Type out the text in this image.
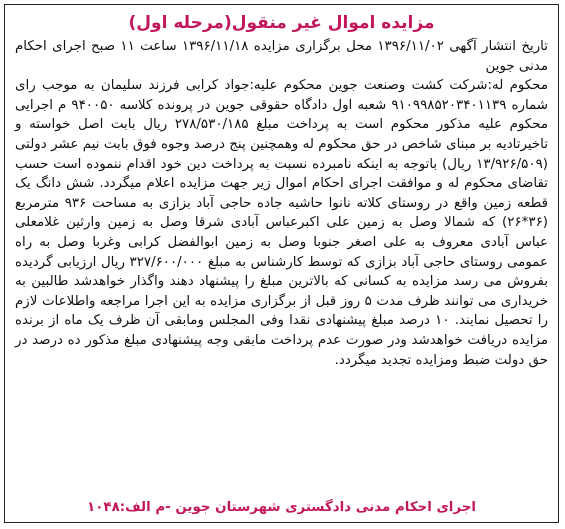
مزایده اموال غیر منقول(مرحله اول)

تاریخ انتشار آگهی ۱۳۹۶/۱۱/۰۲ محل برگزاری مزایده ۱۳۹۶/۱۱/۱۸ ساعت ۱۱ صبح اجرای احکام مدنی جوین

محکوم له:شرکت کشت وصنعت جوین محکوم علیه:جواد کرابی فرزند سلیمان به موجب رای شماره ۹۱۰۹۹۸۵۲۰۳۴۰۱۱۳۹ شعبه اول دادگاه حقوقی جوین در پرونده کلاسه ۹۴۰۰۵۰ م اجرایی محکوم علیه مذکور محکوم است به پرداخت مبلغ ۲۷۸/۵۳۰/۱۸۵ ریال بابت اصل خواسته و تاخیرتادیه بر مبنای شاخص در حق محکوم له وهمچنین پنج درصد وجوه فوق بابت نیم عشر دولتی (۱۳/۹۲۶/۵۰۹ ریال) باتوجه به اینکه نامبرده نسبت به پرداخت دین خود اقدام ننموده است حسب تقاضای محکوم له و موافقت اجرای احکام اموال زیر جهت مزایده اعلام میگردد. شش دانگ یک قطعه زمین واقع در روستای کلاته نانوا حاشیه جاده حاجی آباد بزازی به مساحت ۹۳۶ مترمربع (۳۶*۲۶) که شمالا وصل به زمین علی اکبرعباس آبادی شرقا وصل به زمین وارثین غلامعلی عباس آبادی معروف به علی اصغر جنوبا وصل به زمین ابوالفضل کرابی وغربا وصل به راه عمومی روستای حاجی آباد بزازی که توسط کارشناس به مبلغ ۳۲۷/۶۰۰/۰۰۰ ریال ارزیابی گردیده بفروش می رسد مزایده به کسانی که بالاترین مبلغ را پیشنهاد دهند واگذار خواهدشد طالبین به خریداری می توانند ظرف مدت ۵ روز قبل از برگزاری مزایده به این اجرا مراجعه واطلاعات لازم را تحصیل نمایند. ۱۰ درصد مبلغ پیشنهادی نقدا وفی المجلس ومابقی آن ظرف یک ماه از برنده مزایده دریافت خواهدشد ودر صورت عدم پرداخت مابقی وجه پیشنهادی مبلغ مذکور ده درصد در حق دولت ضبط ومزایده تجدید میگردد.

اجرای احکام مدنی دادگستری شهرستان جوین -م الف:۱۰۴۸
